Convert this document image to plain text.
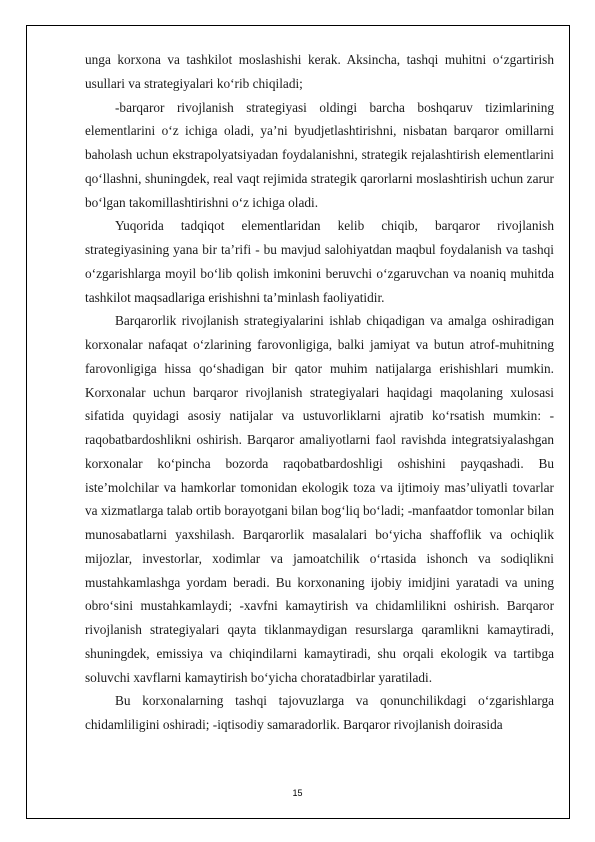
unga korxona va tashkilot moslashishi kerak. Aksincha, tashqi muhitni o‘zgartirish usullari va strategiyalari ko‘rib chiqiladi;

-barqaror rivojlanish strategiyasi oldingi barcha boshqaruv tizimlarining elementlarini o‘z ichiga oladi, ya’ni byudjetlashtirishni, nisbatan barqaror omillarni baholash uchun ekstrapolyatsiyadan foydalanishni, strategik rejalashtirish elementlarini qo‘llashni, shuningdek, real vaqt rejimida strategik qarorlarni moslashtirish uchun zarur bo‘lgan takomillashtirishni o‘z ichiga oladi.

Yuqorida tadqiqot elementlaridan kelib chiqib, barqaror rivojlanish strategiyasining yana bir ta’rifi - bu mavjud salohiyatdan maqbul foydalanish va tashqi o‘zgarishlarga moyil bo‘lib qolish imkonini beruvchi o‘zgaruvchan va noaniq muhitda tashkilot maqsadlariga erishishni ta’minlash faoliyatidir.

Barqarorlik rivojlanish strategiyalarini ishlab chiqadigan va amalga oshiradigan korxonalar nafaqat o‘zlarining farovonligiga, balki jamiyat va butun atrof-muhitning farovonligiga hissa qo‘shadigan bir qator muhim natijalarga erishishlari mumkin. Korxonalar uchun barqaror rivojlanish strategiyalari haqidagi maqolaning xulosasi sifatida quyidagi asosiy natijalar va ustuvorliklarni ajratib ko‘rsatish mumkin: -raqobatbardoshlikni oshirish. Barqaror amaliyotlarni faol ravishda integratsiyalashgan korxonalar ko‘pincha bozorda raqobatbardoshligi oshishini payqashadi. Bu iste’molchilar va hamkorlar tomonidan ekologik toza va ijtimoiy mas’uliyatli tovarlar va xizmatlarga talab ortib borayotgani bilan bog‘liq bo‘ladi; -manfaatdor tomonlar bilan munosabatlarni yaxshilash. Barqarorlik masalalari bo‘yicha shaffoflik va ochiqlik mijozlar, investorlar, xodimlar va jamoatchilik o‘rtasida ishonch va sodiqlikni mustahkamlashga yordam beradi. Bu korxonaning ijobiy imidjini yaratadi va uning obro‘sini mustahkamlaydi; -xavfni kamaytirish va chidamlilikni oshirish. Barqaror rivojlanish strategiyalari qayta tiklanmaydigan resurslarga qaramlikni kamaytiradi, shuningdek, emissiya va chiqindilarni kamaytiradi, shu orqali ekologik va tartibga soluvchi xavflarni kamaytirish bo‘yicha choratadbirlar yaratiladi.

Bu korxonalarning tashqi tajovuzlarga va qonunchilikdagi o‘zgarishlarga chidamliligini oshiradi; -iqtisodiy samaradorlik. Barqaror rivojlanish doirasida

15
